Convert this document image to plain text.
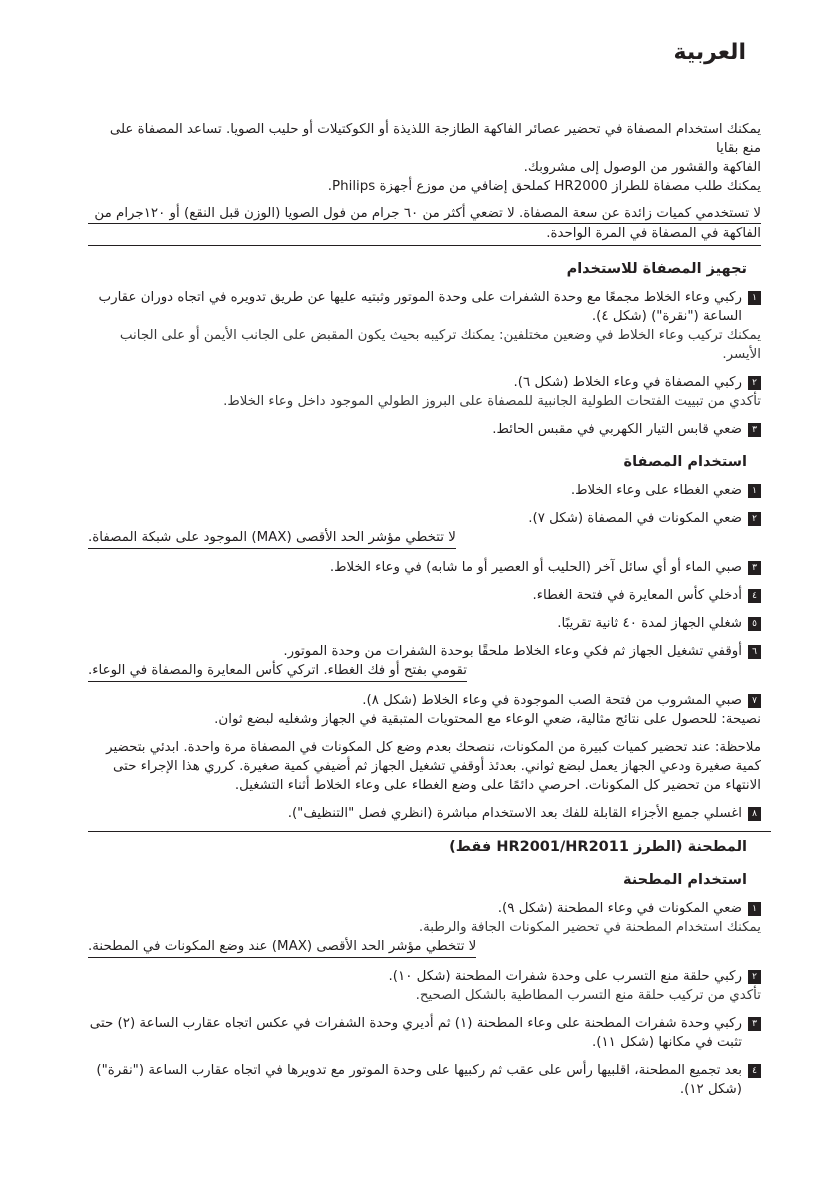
العربية

يمكنك استخدام المصفاة في تحضير عصائر الفاكهة الطازجة اللذيذة أو الكوكتيلات أو حليب الصويا. تساعد المصفاة على منع بقايا

الفاكهة والقشور من الوصول إلى مشروبك.

يمكنك طلب مصفاة للطراز HR2000 كملحق إضافي من موزع أجهزة Philips.

لا تستخدمي كميات زائدة عن سعة المصفاة. لا تضعي أكثر من ٦٠ جرام من فول الصويا (الوزن قبل النقع) أو ١٢٠جرام من
الفاكهة في المصفاة في المرة الواحدة.
تجهيز المصفاة للاستخدام
١
ركبي وعاء الخلاط مجمعًا مع وحدة الشفرات على وحدة الموتور وثبتيه عليها عن طريق تدويره في اتجاه دوران عقارب الساعة ("نقرة") (شكل ٤).

يمكنك تركيب وعاء الخلاط في وضعين مختلفين: يمكنك تركيبه بحيث يكون المقبض على الجانب الأيمن أو على الجانب الأيسر.

٢
ركبي المصفاة في وعاء الخلاط (شكل ٦).

تأكدي من تبييت الفتحات الطولية الجانبية للمصفاة على البروز الطولي الموجود داخل وعاء الخلاط.

٣
ضعي قابس التيار الكهربي في مقبس الحائط.
استخدام المصفاة
١
ضعي الغطاء على وعاء الخلاط.
٢
ضعي المكونات في المصفاة (شكل ٧).

لا تتخطي مؤشر الحد الأقصى (MAX) الموجود على شبكة المصفاة.

٣
صبي الماء أو أي سائل آخر (الحليب أو العصير أو ما شابه) في وعاء الخلاط.
٤
أدخلي كأس المعايرة في فتحة الغطاء.
٥
شغلي الجهاز لمدة ٤٠ ثانية تقريبًا.
٦
أوقفي تشغيل الجهاز ثم فكي وعاء الخلاط ملحقًا بوحدة الشفرات من وحدة الموتور.

تقومي بفتح أو فك الغطاء. اتركي كأس المعايرة والمصفاة في الوعاء.

٧
صبي المشروب من فتحة الصب الموجودة في وعاء الخلاط (شكل ٨).

نصيحة: للحصول على نتائج مثالية، ضعي الوعاء مع المحتويات المتبقية في الجهاز وشغليه لبضع ثوان.

ملاحظة: عند تحضير كميات كبيرة من المكونات، ننصحك بعدم وضع كل المكونات في المصفاة مرة واحدة. ابدئي بتحضير

كمية صغيرة ودعي الجهاز يعمل لبضع ثواني. بعدئذ أوقفي تشغيل الجهاز ثم أضيفي كمية صغيرة. كرري هذا الإجراء حتى

الانتهاء من تحضير كل المكونات. احرصي دائمًا على وضع الغطاء على وعاء الخلاط أثناء التشغيل.

٨
اغسلي جميع الأجزاء القابلة للفك بعد الاستخدام مباشرة (انظري فصل "التنظيف").
المطحنة (الطرز HR2001/HR2011 فقط)
استخدام المطحنة
١
ضعي المكونات في وعاء المطحنة (شكل ٩).

يمكنك استخدام المطحنة في تحضير المكونات الجافة والرطبة.

لا تتخطي مؤشر الحد الأقصى (MAX) عند وضع المكونات في المطحنة.

٢
ركبي حلقة منع التسرب على وحدة شفرات المطحنة (شكل ١٠).

تأكدي من تركيب حلقة منع التسرب المطاطية بالشكل الصحيح.

٣
ركبي وحدة شفرات المطحنة على وعاء المطحنة (١) ثم أديري وحدة الشفرات في عكس اتجاه عقارب الساعة (٢) حتى تثبت في مكانها (شكل ١١).
٤
بعد تجميع المطحنة، اقلبيها رأس على عقب ثم ركبيها على وحدة الموتور مع تدويرها في اتجاه عقارب الساعة ("نقرة") (شكل ١٢).
